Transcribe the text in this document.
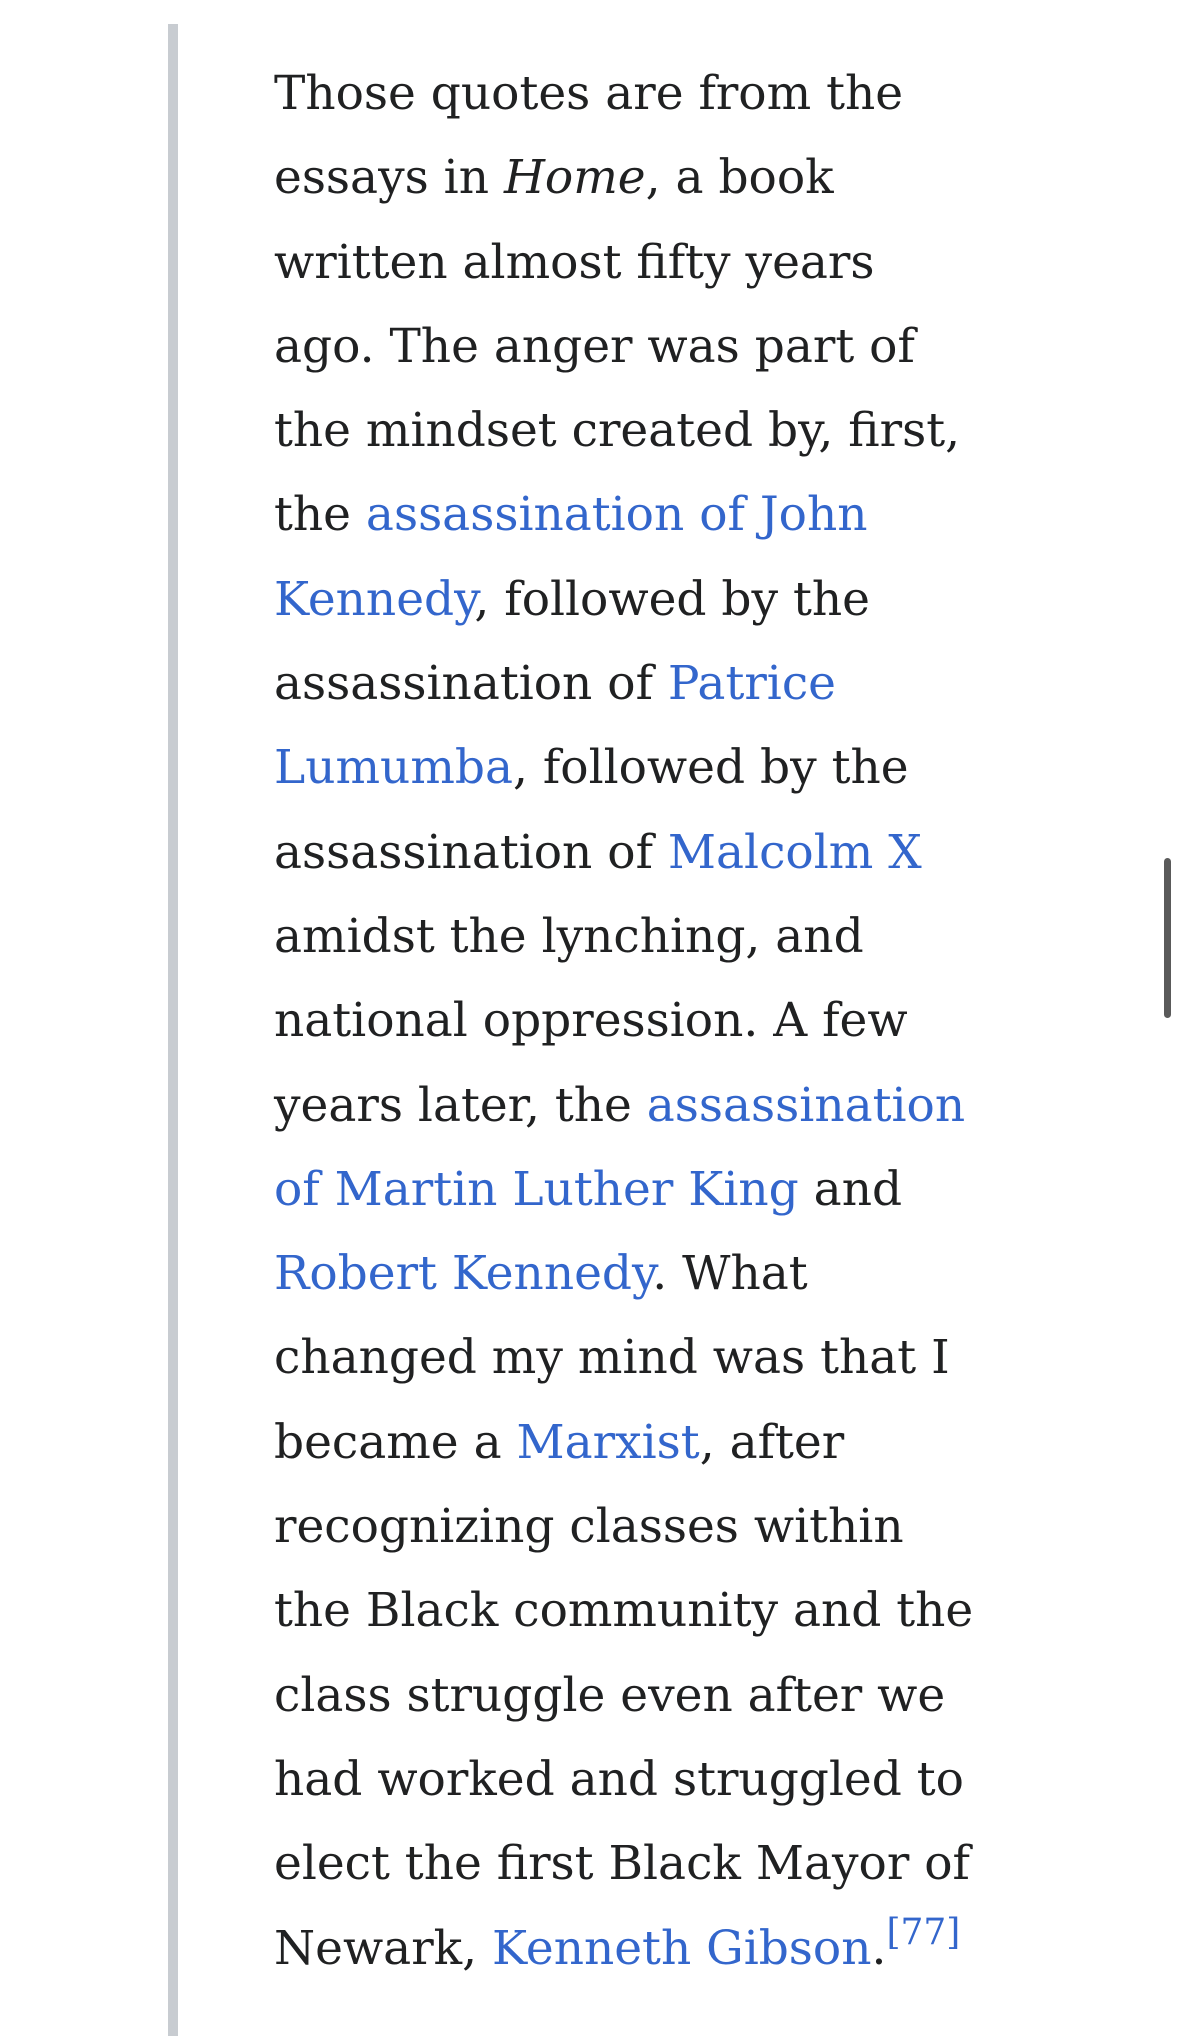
Those quotes are from the essays in Home, a book written almost fifty years ago. The anger was part of the mindset created by, first, the assassination of John Kennedy, followed by the assassination of Patrice Lumumba, followed by the assassination of Malcolm X amidst the lynching, and national oppression. A few years later, the assassination of Martin Luther King and Robert Kennedy. What changed my mind was that I became a Marxist, after recognizing classes within the Black community and the class struggle even after we had worked and struggled to elect the first Black Mayor of Newark, Kenneth Gibson.[77]
